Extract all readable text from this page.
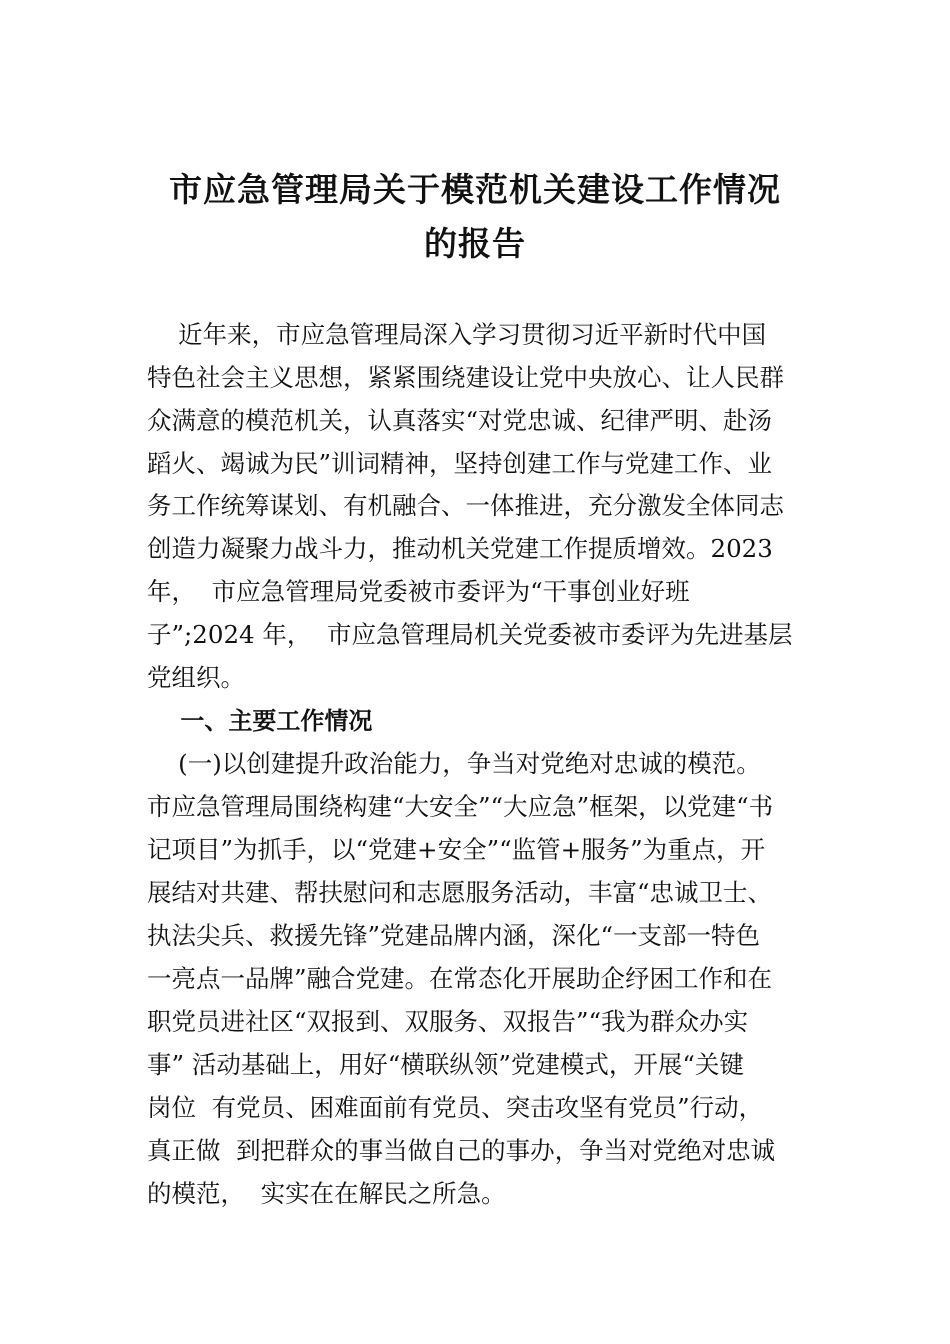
市应急管理局关于模范机关建设工作情况
的报告
近年来，市应急管理局深入学习贯彻习近平新时代中国
特色社会主义思想，紧紧围绕建设让党中央放心、让人民群
众满意的模范机关，认真落实“对党忠诚、纪律严明、赴汤
蹈火、竭诚为民”训词精神，坚持创建工作与党建工作、业
务工作统筹谋划、有机融合、一体推进，充分激发全体同志
创造力凝聚力战斗力，推动机关党建工作提质增效。2023
年，  市应急管理局党委被市委评为“干事创业好班
子”;2024 年，  市应急管理局机关党委被市委评为先进基层
党组织。
一、主要工作情况
(一)以创建提升政治能力，争当对党绝对忠诚的模范。
市应急管理局围绕构建“大安全”“大应急”框架，以党建“书
记项目”为抓手，以“党建+安全”“监管+服务”为重点，开
展结对共建、帮扶慰问和志愿服务活动，丰富“忠诚卫士、
执法尖兵、救援先锋”党建品牌内涵，深化“一支部一特色
一亮点一品牌”融合党建。在常态化开展助企纾困工作和在
职党员进社区“双报到、双服务、双报告”“我为群众办实
事” 活动基础上，用好“横联纵领”党建模式，开展“关键
岗位  有党员、困难面前有党员、突击攻坚有党员”行动，
真正做  到把群众的事当做自己的事办，争当对党绝对忠诚
的模范，  实实在在解民之所急。
